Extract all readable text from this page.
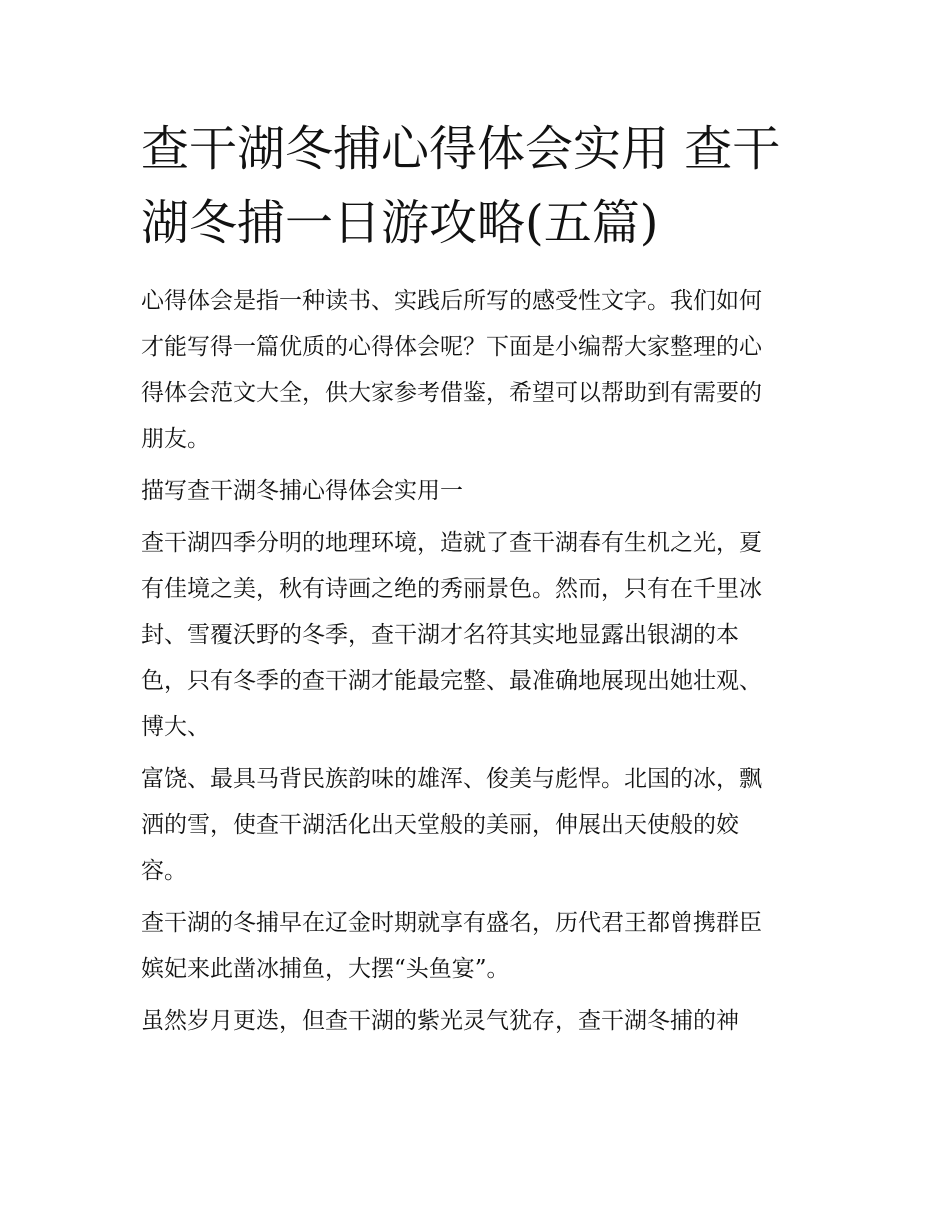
查干湖冬捕心得体会实用 查干
湖冬捕一日游攻略(五篇)
心得体会是指一种读书、实践后所写的感受性文字。我们如何
才能写得一篇优质的心得体会呢？下面是小编帮大家整理的心
得体会范文大全，供大家参考借鉴，希望可以帮助到有需要的
朋友。
描写查干湖冬捕心得体会实用一
查干湖四季分明的地理环境，造就了查干湖春有生机之光，夏
有佳境之美，秋有诗画之绝的秀丽景色。然而，只有在千里冰
封、雪覆沃野的冬季，查干湖才名符其实地显露出银湖的本
色，只有冬季的查干湖才能最完整、最准确地展现出她壮观、
博大、
富饶、最具马背民族韵味的雄浑、俊美与彪悍。北国的冰，飘
洒的雪，使查干湖活化出天堂般的美丽，伸展出天使般的姣
容。
查干湖的冬捕早在辽金时期就享有盛名，历代君王都曾携群臣
嫔妃来此凿冰捕鱼，大摆“头鱼宴”。
虽然岁月更迭，但查干湖的紫光灵气犹存，查干湖冬捕的神
